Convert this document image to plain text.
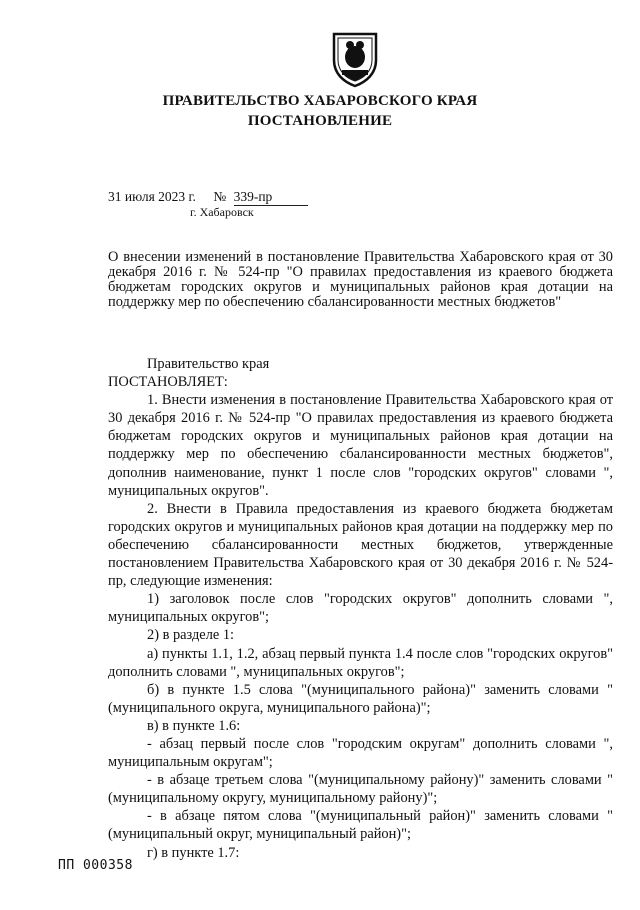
ПРАВИТЕЛЬСТВО ХАБАРОВСКОГО КРАЯ
ПОСТАНОВЛЕНИЕ
31 июля 2023 г. № 339-пр
г. Хабаровск
О внесении изменений в постановление Правительства Хабаровского края от 30 декабря 2016 г. № 524-пр "О правилах предоставления из краевого бюджета бюджетам городских округов и муниципальных районов края дотации на поддержку мер по обеспечению сбалансированности местных бюджетов"

Правительство края

ПОСТАНОВЛЯЕТ:

1. Внести изменения в постановление Правительства Хабаровского края от 30 декабря 2016 г. № 524-пр "О правилах предоставления из краевого бюджета бюджетам городских округов и муниципальных районов края дотации на поддержку мер по обеспечению сбалансированности местных бюджетов", дополнив наименование, пункт 1 после слов "городских округов" словами ", муниципальных округов".

2. Внести в Правила предоставления из краевого бюджета бюджетам городских округов и муниципальных районов края дотации на поддержку мер по обеспечению сбалансированности местных бюджетов, утвержденные постановлением Правительства Хабаровского края от 30 декабря 2016 г. № 524-пр, следующие изменения:

1) заголовок после слов "городских округов" дополнить словами ", муниципальных округов";

2) в разделе 1:

а) пункты 1.1, 1.2, абзац первый пункта 1.4 после слов "городских округов" дополнить словами ", муниципальных округов";

б) в пункте 1.5 слова "(муниципального района)" заменить словами "(муниципального округа, муниципального района)";

в) в пункте 1.6:

- абзац первый после слов "городским округам" дополнить словами ", муниципальным округам";

- в абзаце третьем слова "(муниципальному району)" заменить словами "(муниципальному округу, муниципальному району)";

- в абзаце пятом слова "(муниципальный район)" заменить словами "(муниципальный округ, муниципальный район)";

г) в пункте 1.7:

ПП 000358
